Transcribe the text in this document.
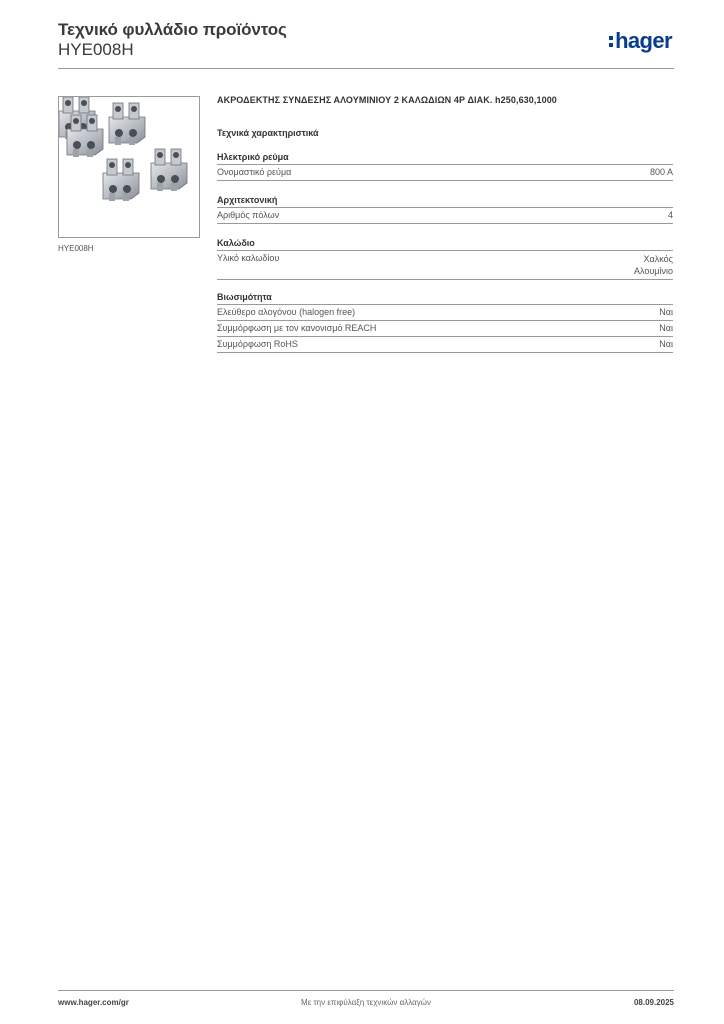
Τεχνικό φυλλάδιο προϊόντος
HYE008H	hager
HYE008H
ΑΚΡΟΔΕΚΤΗΣ ΣΥΝΔΕΣΗΣ ΑΛΟΥΜΙΝΙΟΥ 2 ΚΑΛΩΔΙΩΝ 4P ΔΙΑΚ. h250,630,1000
Τεχνικά χαρακτηριστικά
Ηλεκτρικό ρεύμα
Ονομαστικό ρεύμα	800 A
Αρχιτεκτονική
Αριθμός πόλων	4
Καλώδιο
Υλικό καλωδίου	Χαλκός
Αλουμίνιο
Βιωσιμότητα
Ελεύθερο αλογόνου (halogen free)	Ναι
Συμμόρφωση με τον κανονισμό REACH	Ναι
Συμμόρφωση RoHS	Ναι
www.hager.com/gr	Με την επιφύλαξη τεχνικών αλλαγών	08.09.2025
